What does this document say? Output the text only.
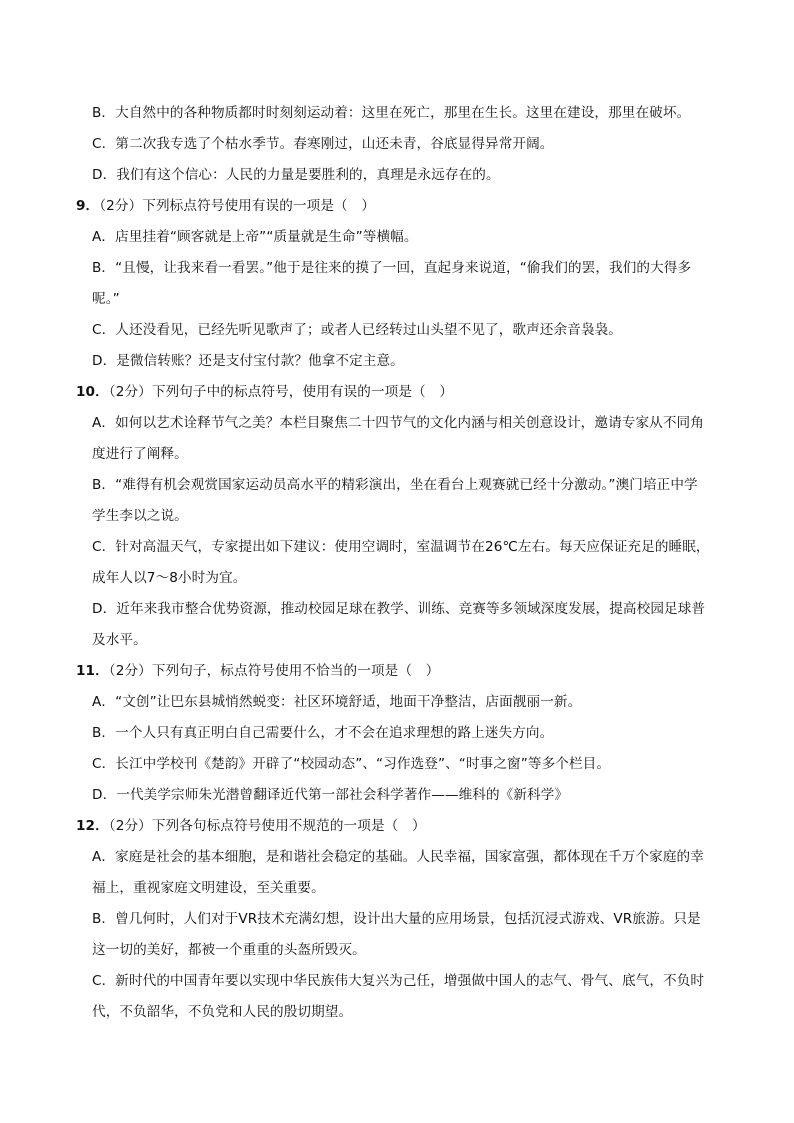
B．大自然中的各种物质都时时刻刻运动着：这里在死亡，那里在生长。这里在建设，那里在破坏。
C．第二次我专选了个枯水季节。春寒刚过，山还未青，谷底显得异常开阔。
D．我们有这个信心：人民的力量是要胜利的，真理是永远存在的。
9．（2分）下列标点符号使用有误的一项是（　）
A．店里挂着“顾客就是上帝”“质量就是生命”等横幅。
B．“且慢，让我来看一看罢。”他于是往来的摸了一回，直起身来说道，“偷我们的罢，我们的大得多
呢。”
C．人还没看见，已经先听见歌声了；或者人已经转过山头望不见了，歌声还余音袅袅。
D．是微信转账？还是支付宝付款？他拿不定主意。
10．（2分）下列句子中的标点符号，使用有误的一项是（　）
A．如何以艺术诠释节气之美？本栏目聚焦二十四节气的文化内涵与相关创意设计，邀请专家从不同角
度进行了阐释。
B．“难得有机会观赏国家运动员高水平的精彩演出，坐在看台上观赛就已经十分激动。”澳门培正中学
学生李以之说。
C．针对高温天气，专家提出如下建议：使用空调时，室温调节在26℃左右。每天应保证充足的睡眠，
成年人以7～8小时为宜。
D．近年来我市整合优势资源，推动校园足球在教学、训练、竞赛等多领域深度发展，提高校园足球普
及水平。
11．（2分）下列句子，标点符号使用不恰当的一项是（　）
A．“文创”让巴东县城悄然蜕变：社区环境舒适，地面干净整洁，店面靓丽一新。
B．一个人只有真正明白自己需要什么，才不会在追求理想的路上迷失方向。
C．长江中学校刊《楚韵》开辟了“校园动态”、“习作选登”、“时事之窗”等多个栏目。
D．一代美学宗师朱光潜曾翻译近代第一部社会科学著作——维科的《新科学》
12．（2分）下列各句标点符号使用不规范的一项是（　）
A．家庭是社会的基本细胞，是和谐社会稳定的基础。人民幸福，国家富强，都体现在千万个家庭的幸
福上，重视家庭文明建设，至关重要。
B．曾几何时，人们对于VR技术充满幻想，设计出大量的应用场景，包括沉浸式游戏、VR旅游。只是
这一切的美好，都被一个重重的头盔所毁灭。
C．新时代的中国青年要以实现中华民族伟大复兴为己任，增强做中国人的志气、骨气、底气，不负时
代，不负韶华，不负党和人民的殷切期望。
